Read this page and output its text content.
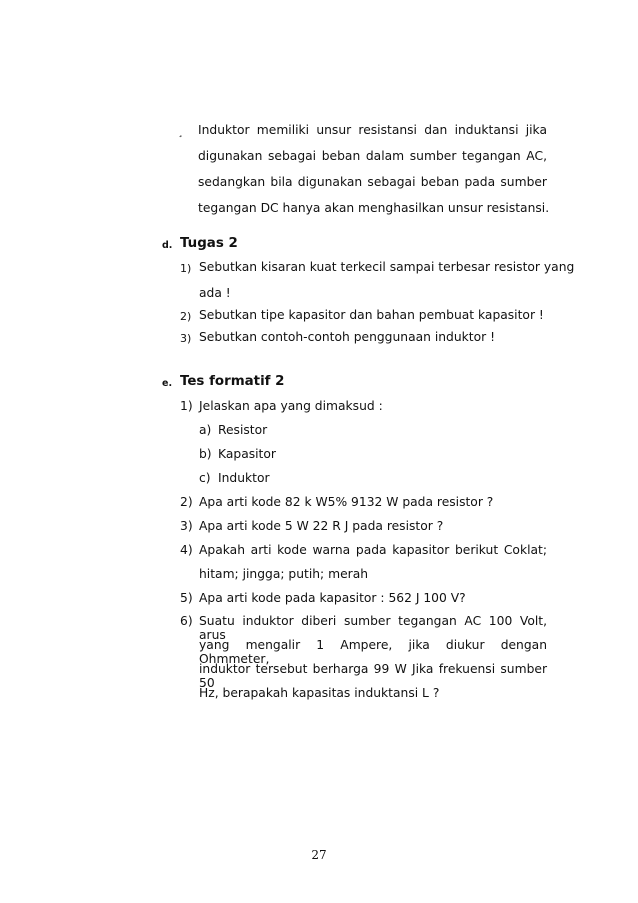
¸ Induktor memiliki unsur resistansi dan induktansi jika
digunakan sebagai beban dalam sumber tegangan AC,
sedangkan bila digunakan sebagai beban pada sumber
tegangan DC hanya akan menghasilkan unsur resistansi.
d. Tugas 2
1) Sebutkan kisaran kuat terkecil sampai terbesar resistor yang
ada !
2) Sebutkan tipe kapasitor dan bahan pembuat kapasitor !
3) Sebutkan contoh-contoh penggunaan induktor !
e. Tes formatif 2
1) Jelaskan apa yang dimaksud :
a) Resistor
b) Kapasitor
c) Induktor
2) Apa arti kode 82 k W5% 9132 W pada resistor ?
3) Apa arti kode 5 W 22 R J pada resistor ?
4) Apakah arti kode warna pada kapasitor berikut Coklat;
hitam; jingga; putih; merah
5) Apa arti kode pada kapasitor : 562 J 100 V?
6) Suatu induktor diberi sumber tegangan AC 100 Volt, arus
yang mengalir 1 Ampere, jika diukur dengan Ohmmeter,
induktor tersebut berharga 99 W Jika frekuensi sumber 50
Hz, berapakah kapasitas induktansi L ?
27
